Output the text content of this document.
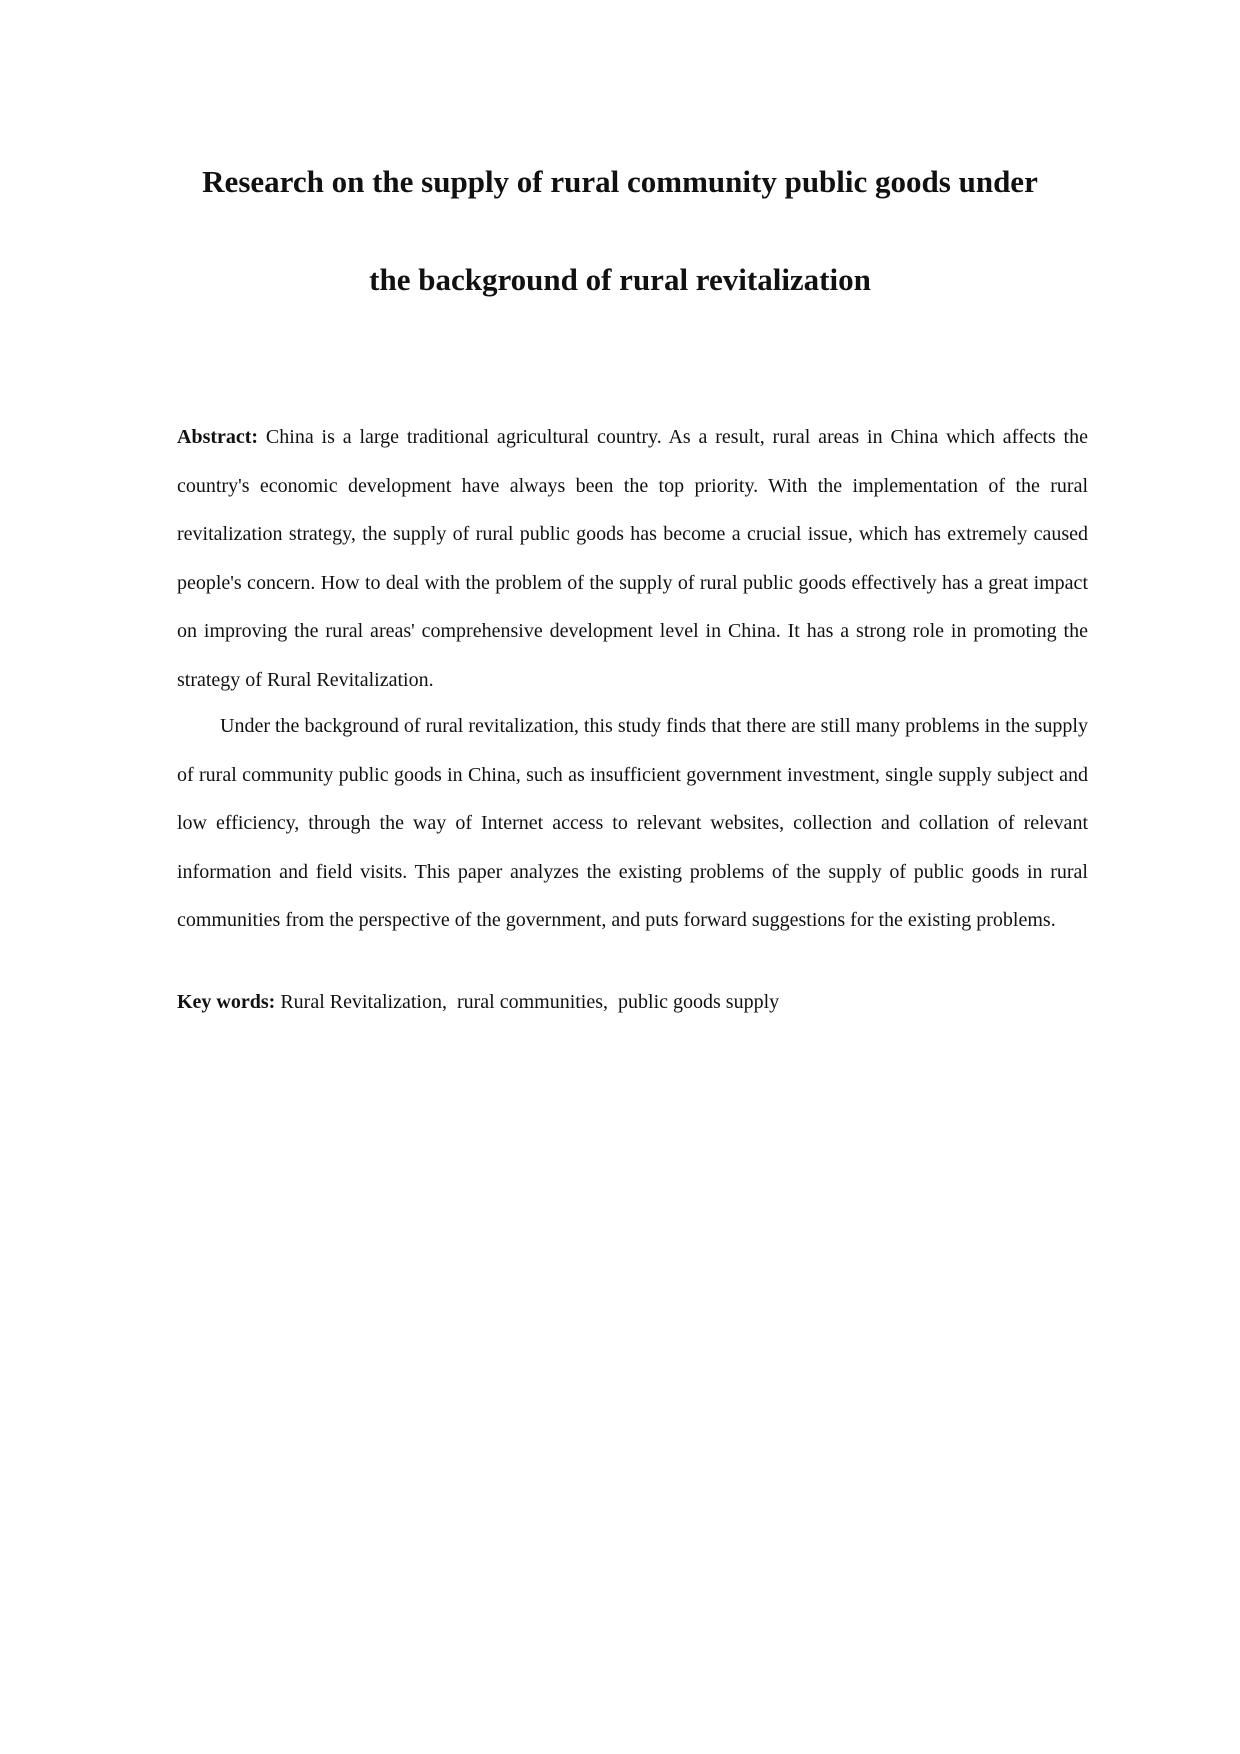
Research on the supply of rural community public goods under
the background of rural revitalization

Abstract: China is a large traditional agricultural country. As a result, rural areas in China which affects the country's economic development have always been the top priority. With the implementation of the rural revitalization strategy, the supply of rural public goods has become a crucial issue, which has extremely caused people's concern. How to deal with the problem of the supply of rural public goods effectively has a great impact on improving the rural areas' comprehensive development level in China. It has a strong role in promoting the strategy of Rural Revitalization.

Under the background of rural revitalization, this study finds that there are still many problems in the supply of rural community public goods in China, such as insufficient government investment, single supply subject and low efficiency, through the way of Internet access to relevant websites, collection and collation of relevant information and field visits. This paper analyzes the existing problems of the supply of public goods in rural communities from the perspective of the government, and puts forward suggestions for the existing problems.

Key words: Rural Revitalization,  rural communities,  public goods supply
